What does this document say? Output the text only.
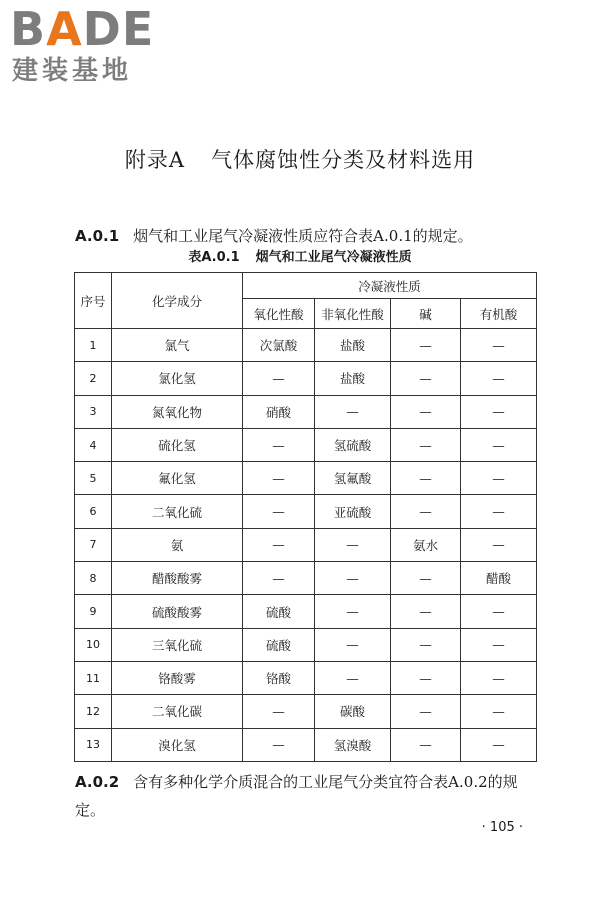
BADE
建装基地
附录A 气体腐蚀性分类及材料选用
A.0.1 烟气和工业尾气冷凝液性质应符合表A.0.1的规定。
表A.0.1 烟气和工业尾气冷凝液性质
序号	化学成分	冷凝液性质			
		氧化性酸	非氧化性酸	碱	有机酸
1	氯气	次氯酸	盐酸	—	—
2	氯化氢	—	盐酸	—	—
3	氮氧化物	硝酸	—	—	—
4	硫化氢	—	氢硫酸	—	—
5	氟化氢	—	氢氟酸	—	—
6	二氧化硫	—	亚硫酸	—	—
7	氨	—	—	氨水	—
8	醋酸酸雾	—	—	—	醋酸
9	硫酸酸雾	硫酸	—	—	—
10	三氧化硫	硫酸	—	—	—
11	铬酸雾	铬酸	—	—	—
12	二氧化碳	—	碳酸	—	—
13	溴化氢	—	氢溴酸	—	—
A.0.2 含有多种化学介质混合的工业尾气分类宜符合表A.0.2的规定。
· 105 ·
